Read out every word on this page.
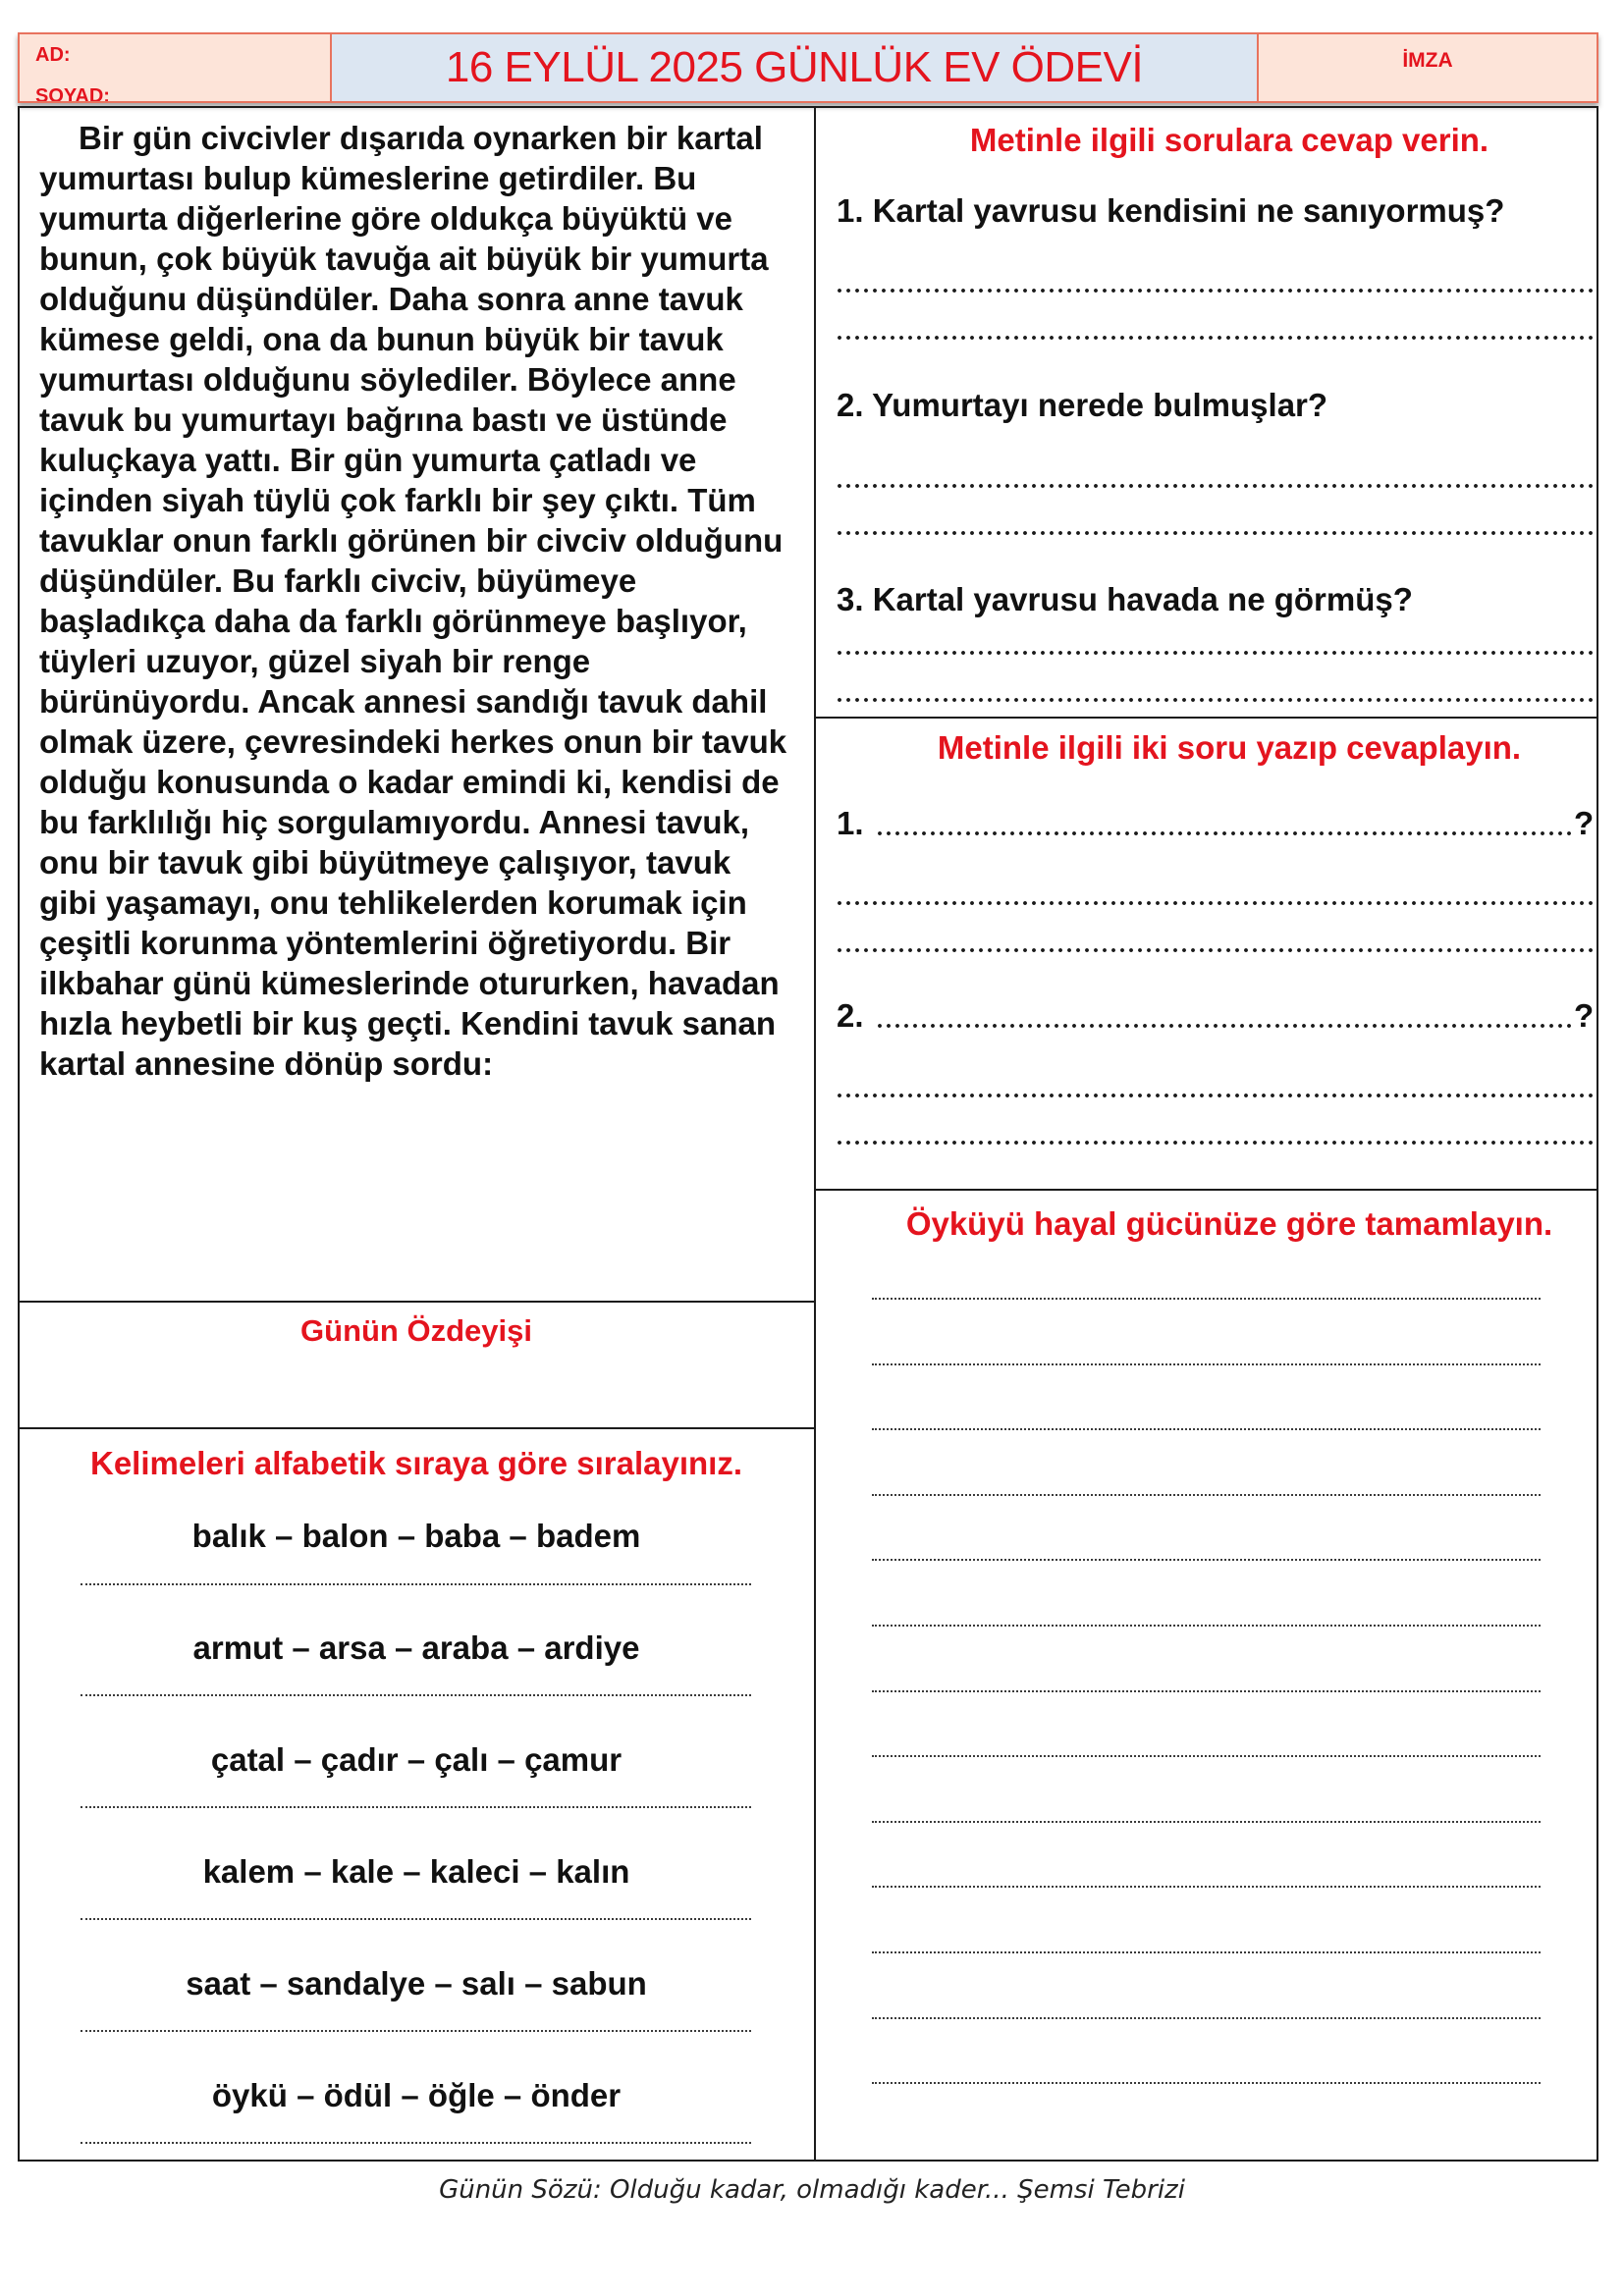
AD:
SOYAD:
16 EYLÜL 2025 GÜNLÜK EV ÖDEVİ	İMZA
Bir gün civcivler dışarıda oynarken bir kartal
yumurtası bulup kümeslerine getirdiler. Bu
yumurta diğerlerine göre oldukça büyüktü ve
bunun, çok büyük tavuğa ait büyük bir yumurta
olduğunu düşündüler. Daha sonra anne tavuk
kümese geldi, ona da bunun büyük bir tavuk
yumurtası olduğunu söylediler. Böylece anne
tavuk bu yumurtayı bağrına bastı ve üstünde
kuluçkaya yattı. Bir gün yumurta çatladı ve
içinden siyah tüylü çok farklı bir şey çıktı. Tüm
tavuklar onun farklı görünen bir civciv olduğunu
düşündüler. Bu farklı civciv, büyümeye
başladıkça daha da farklı görünmeye başlıyor,
tüyleri uzuyor, güzel siyah bir renge
bürünüyordu. Ancak annesi sandığı tavuk dahil
olmak üzere, çevresindeki herkes onun bir tavuk
olduğu konusunda o kadar emindi ki, kendisi de
bu farklılığı hiç sorgulamıyordu. Annesi tavuk,
onu bir tavuk gibi büyütmeye çalışıyor, tavuk
gibi yaşamayı, onu tehlikelerden korumak için
çeşitli korunma yöntemlerini öğretiyordu. Bir
ilkbahar günü kümeslerinde otururken, havadan
hızla heybetli bir kuş geçti. Kendini tavuk sanan
kartal annesine dönüp sordu:
Günün Özdeyişi
Kelimeleri alfabetik sıraya göre sıralayınız.
balık – balon – baba – badem
armut – arsa – araba – ardiye
çatal – çadır – çalı – çamur
kalem – kale – kaleci – kalın
saat – sandalye – salı – sabun
öykü – ödül – öğle – önder
Metinle ilgili sorulara cevap verin.
1. Kartal yavrusu kendisini ne sanıyormuş?
2. Yumurtayı nerede bulmuşlar?
3. Kartal yavrusu havada ne görmüş?
Metinle ilgili iki soru yazıp cevaplayın.
1.	?
2.	?
Öyküyü hayal gücünüze göre tamamlayın.
Günün Sözü: Olduğu kadar, olmadığı kader... Şemsi Tebrizi
